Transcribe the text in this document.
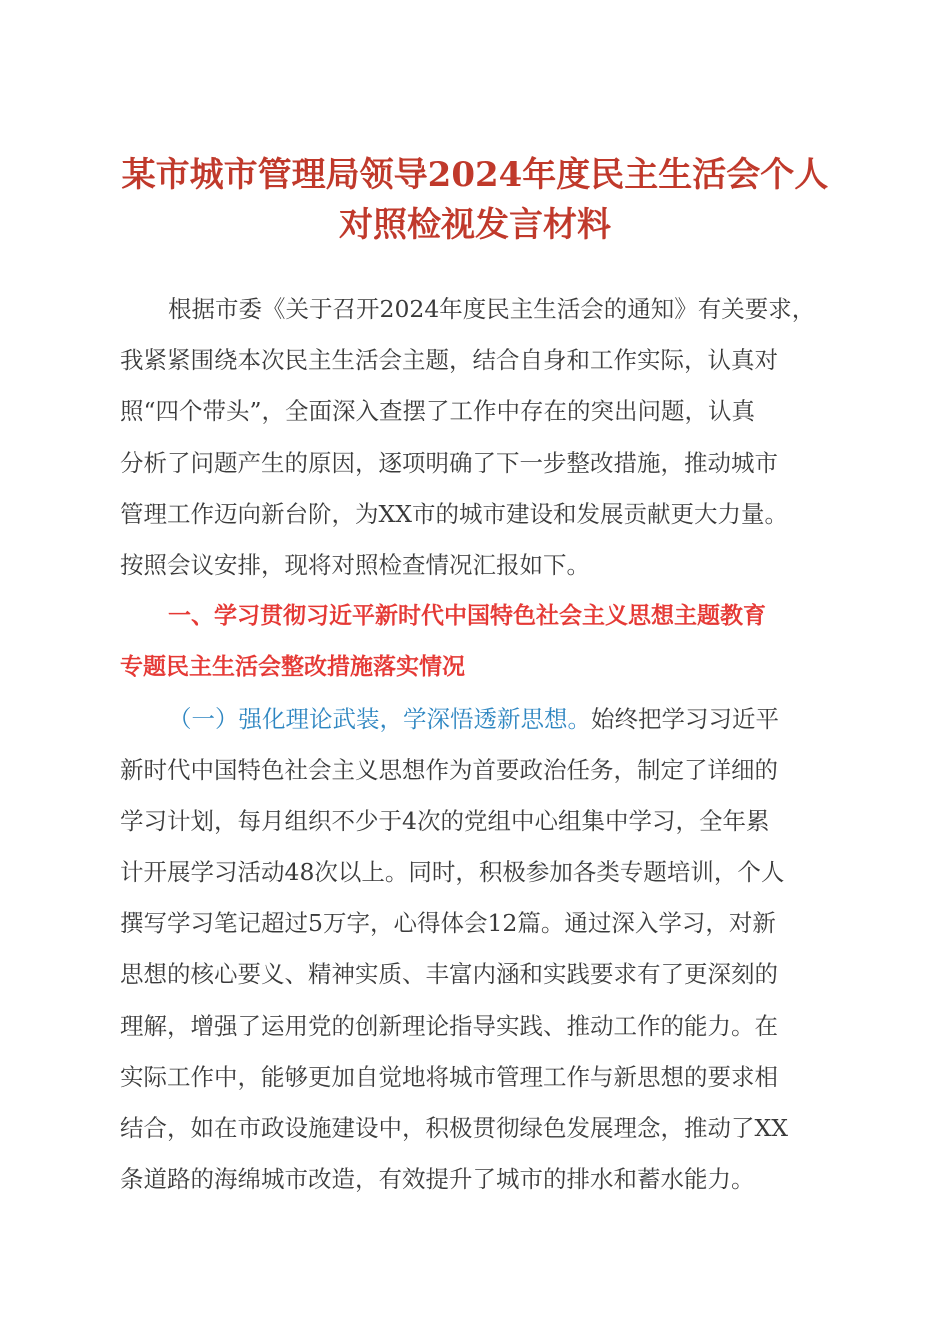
某市城市管理局领导2024年度民主生活会个人
对照检视发言材料
根据市委《关于召开2024年度民主生活会的通知》有关要求，
我紧紧围绕本次民主生活会主题，结合自身和工作实际，认真对
照“四个带头”，全面深入查摆了工作中存在的突出问题，认真
分析了问题产生的原因，逐项明确了下一步整改措施，推动城市
管理工作迈向新台阶，为XX市的城市建设和发展贡献更大力量。
按照会议安排，现将对照检查情况汇报如下。
一、学习贯彻习近平新时代中国特色社会主义思想主题教育
专题民主生活会整改措施落实情况
（一）强化理论武装，学深悟透新思想。始终把学习习近平
新时代中国特色社会主义思想作为首要政治任务，制定了详细的
学习计划，每月组织不少于4次的党组中心组集中学习，全年累
计开展学习活动48次以上。同时，积极参加各类专题培训，个人
撰写学习笔记超过5万字，心得体会12篇。通过深入学习，对新
思想的核心要义、精神实质、丰富内涵和实践要求有了更深刻的
理解，增强了运用党的创新理论指导实践、推动工作的能力。在
实际工作中，能够更加自觉地将城市管理工作与新思想的要求相
结合，如在市政设施建设中，积极贯彻绿色发展理念，推动了XX
条道路的海绵城市改造，有效提升了城市的排水和蓄水能力。
